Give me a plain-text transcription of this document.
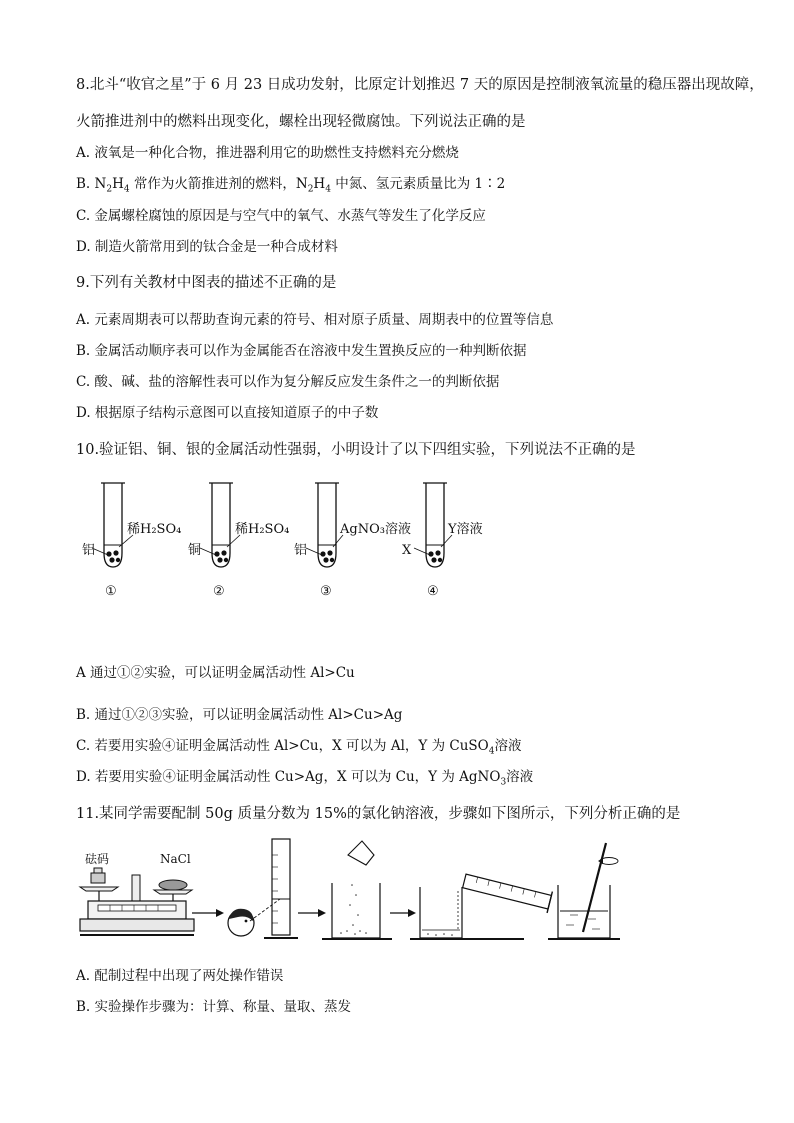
8.北斗“收官之星”于 6 月 23 日成功发射，比原定计划推迟 7 天的原因是控制液氧流量的稳压器出现故障，
火箭推进剂中的燃料出现变化，螺栓出现轻微腐蚀。下列说法正确的是
A. 液氧是一种化合物，推进器利用它的助燃性支持燃料充分燃烧
B. $N_2H_4$ 常作为火箭推进剂的燃料，$N_2H_4$ 中氮、氢元素质量比为 1∶2
C. 金属螺栓腐蚀的原因是与空气中的氧气、水蒸气等发生了化学反应
D. 制造火箭常用到的钛合金是一种合成材料
9.下列有关教材中图表的描述不正确的是
A. 元素周期表可以帮助查询元素的符号、相对原子质量、周期表中的位置等信息
B. 金属活动顺序表可以作为金属能否在溶液中发生置换反应的一种判断依据
C. 酸、碱、盐的溶解性表可以作为复分解反应发生条件之一的判断依据
D. 根据原子结构示意图可以直接知道原子的中子数
10.验证铝、铜、银的金属活动性强弱，小明设计了以下四组实验，下列说法不正确的是
铝
稀H₂SO₄
①
铜
稀H₂SO₄
②
铝
AgNO₃溶液
③
X
Y溶液
④
A 通过①②实验，可以证明金属活动性 Al>Cu
B. 通过①②③实验，可以证明金属活动性 Al>Cu>Ag
C. 若要用实验④证明金属活动性 Al>Cu，X 可以为 Al，Y 为 CuSO$_4$溶液
D. 若要用实验④证明金属活动性 Cu>Ag，X 可以为 Cu，Y 为 AgNO$_3$溶液
11.某同学需要配制 50g 质量分数为 15%的氯化钠溶液，步骤如下图所示，下列分析正确的是
砝码	NaCl
A. 配制过程中出现了两处操作错误
B. 实验操作步骤为：计算、称量、量取、蒸发
